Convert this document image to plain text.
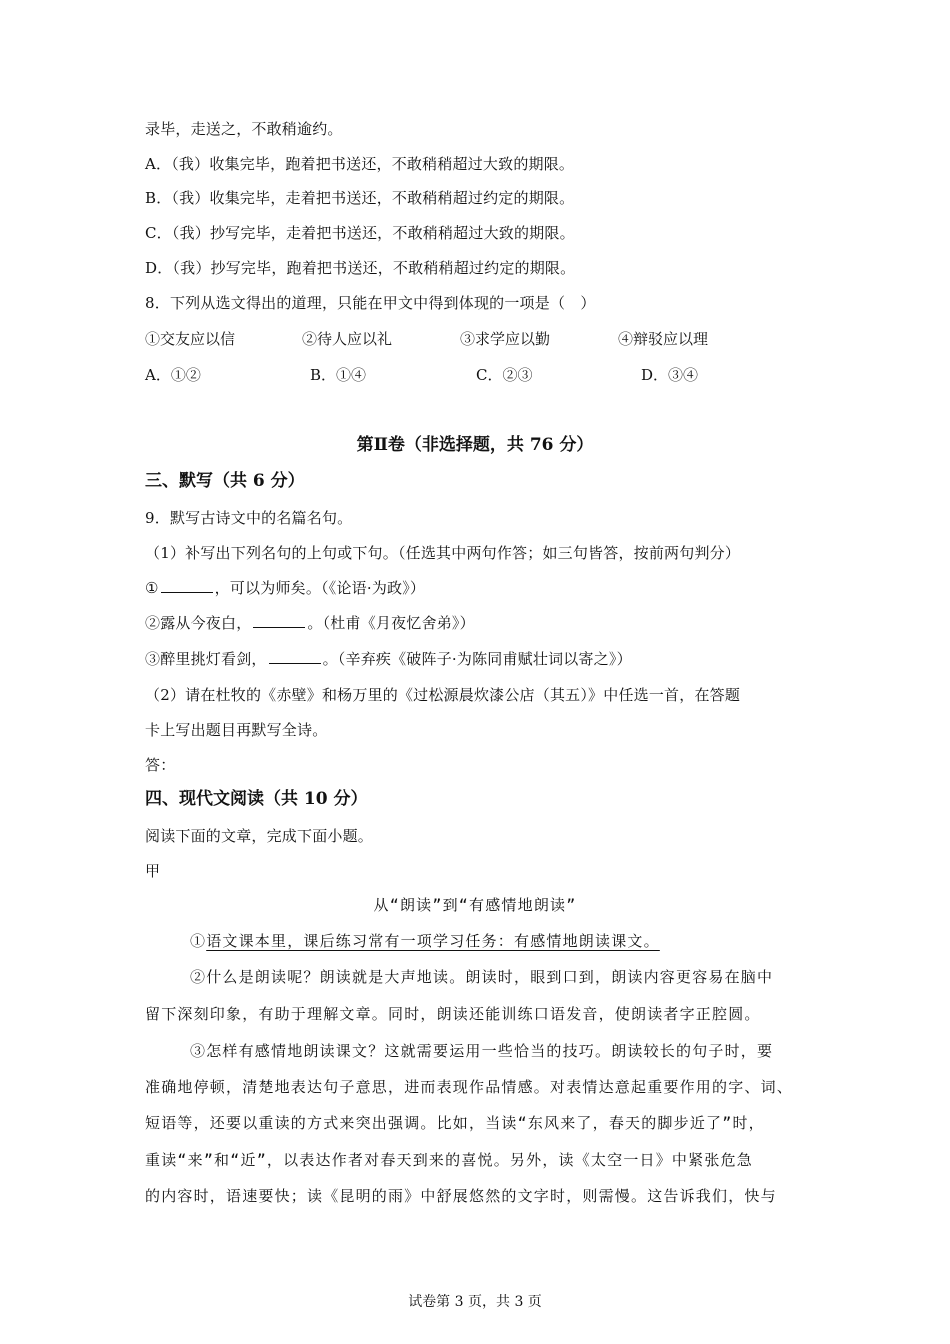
录毕，走送之，不敢稍逾约。
A．（我）收集完毕，跑着把书送还，不敢稍稍超过大致的期限。
B．（我）收集完毕，走着把书送还，不敢稍稍超过约定的期限。
C．（我）抄写完毕，走着把书送还，不敢稍稍超过大致的期限。
D．（我）抄写完毕，跑着把书送还，不敢稍稍超过约定的期限。
8．下列从选文得出的道理，只能在甲文中得到体现的一项是（　）
①交友应以信	②待人应以礼	③求学应以勤	④辩驳应以理
A．①②	B．①④	C．②③	D．③④
第Ⅱ卷（非选择题，共 76 分）
三、默写（共 6 分）
9．默写古诗文中的名篇名句。
（1）补写出下列名句的上句或下句。（任选其中两句作答；如三句皆答，按前两句判分）
①	，可以为师矣。（《论语·为政》）
②露从今夜白，	。（杜甫《月夜忆舍弟》）
③醉里挑灯看剑，	。（辛弃疾《破阵子·为陈同甫赋壮词以寄之》）
（2）请在杜牧的《赤壁》和杨万里的《过松源晨炊漆公店（其五）》中任选一首，在答题
卡上写出题目再默写全诗。
答：
四、现代文阅读（共 10 分）
阅读下面的文章，完成下面小题。
甲
从“朗读”到“有感情地朗读”
①语文课本里，课后练习常有一项学习任务：有感情地朗读课文。
②什么是朗读呢？朗读就是大声地读。朗读时，眼到口到，朗读内容更容易在脑中
留下深刻印象，有助于理解文章。同时，朗读还能训练口语发音，使朗读者字正腔圆。
③怎样有感情地朗读课文？这就需要运用一些恰当的技巧。朗读较长的句子时，要
准确地停顿，清楚地表达句子意思，进而表现作品情感。对表情达意起重要作用的字、词、
短语等，还要以重读的方式来突出强调。比如，当读“东风来了，春天的脚步近了”时，
重读“来”和“近”，以表达作者对春天到来的喜悦。另外，读《太空一日》中紧张危急
的内容时，语速要快；读《昆明的雨》中舒展悠然的文字时，则需慢。这告诉我们，快与
试卷第 3 页，共 3 页
